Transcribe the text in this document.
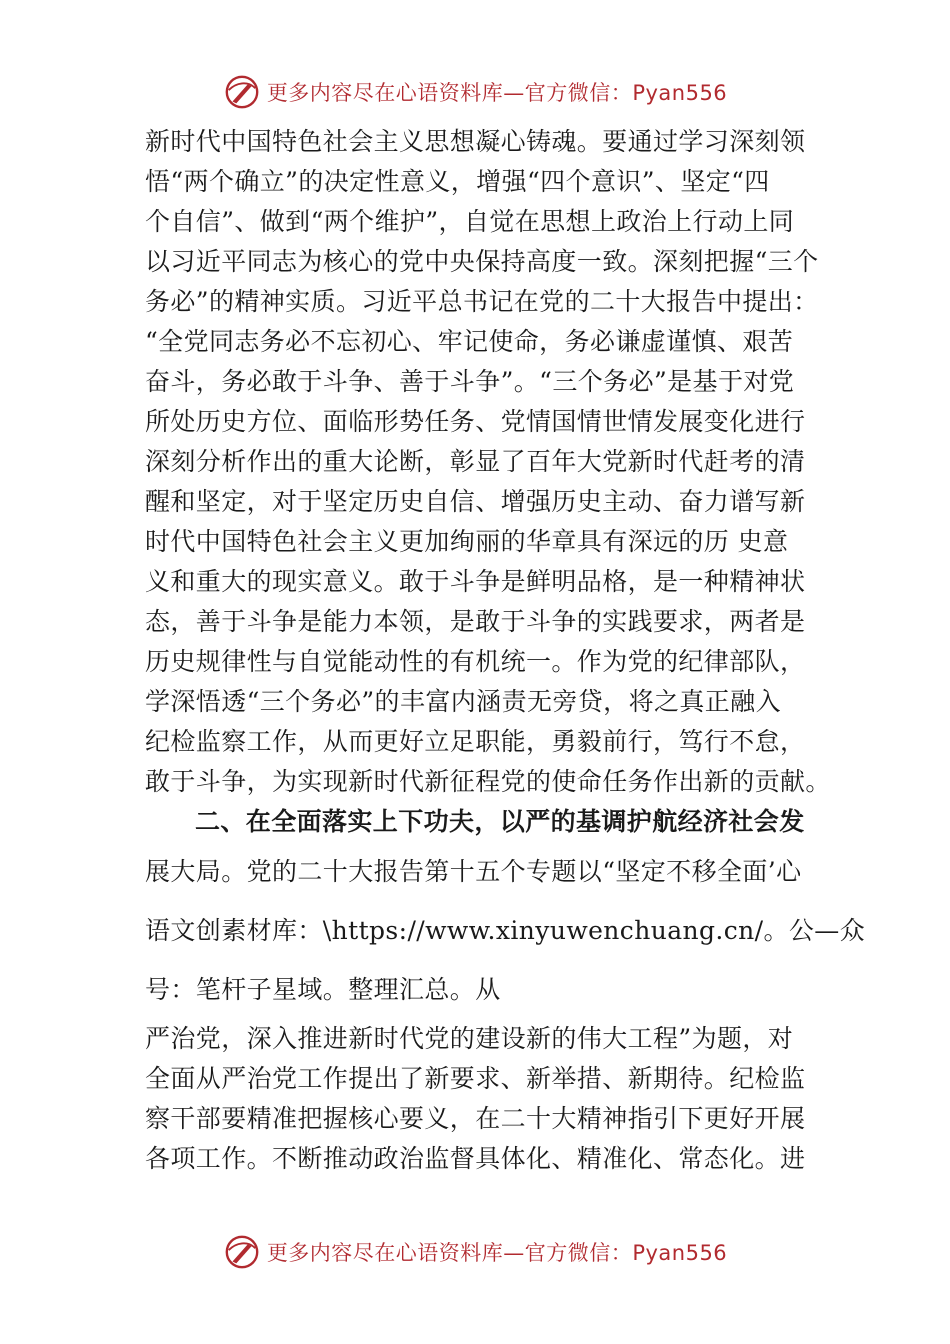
更多内容尽在心语资料库—官方微信：Pyan556
新时代中国特色社会主义思想凝心铸魂。要通过学习深刻领
悟“两个确立”的决定性意义，增强“四个意识”、坚定“四
个自信”、做到“两个维护”，自觉在思想上政治上行动上同
以习近平同志为核心的党中央保持高度一致。深刻把握“三个
务必”的精神实质。习近平总书记在党的二十大报告中提出：
“全党同志务必不忘初心、牢记使命，务必谦虚谨慎、艰苦
奋斗，务必敢于斗争、善于斗争”。“三个务必”是基于对党
所处历史方位、面临形势任务、党情国情世情发展变化进行
深刻分析作出的重大论断，彰显了百年大党新时代赶考的清
醒和坚定，对于坚定历史自信、增强历史主动、奋力谱写新
时代中国特色社会主义更加绚丽的华章具有深远的历 史意
义和重大的现实意义。敢于斗争是鲜明品格，是一种精神状
态，善于斗争是能力本领，是敢于斗争的实践要求，两者是
历史规律性与自觉能动性的有机统一。作为党的纪律部队，
学深悟透“三个务必”的丰富内涵责无旁贷，将之真正融入
纪检监察工作，从而更好立足职能，勇毅前行，笃行不怠，
敢于斗争，为实现新时代新征程党的使命任务作出新的贡献。
二、在全面落实上下功夫，以严的基调护航经济社会发
展大局。党的二十大报告第十五个专题以“坚定不移全面’心
语文创素材库：\https://www.xinyuwenchuang.cn/。公—众
号：笔杆子星域。整理汇总。从
严治党，深入推进新时代党的建设新的伟大工程”为题，对
全面从严治党工作提出了新要求、新举措、新期待。纪检监
察干部要精准把握核心要义，在二十大精神指引下更好开展
各项工作。不断推动政治监督具体化、精准化、常态化。进
更多内容尽在心语资料库—官方微信：Pyan556
